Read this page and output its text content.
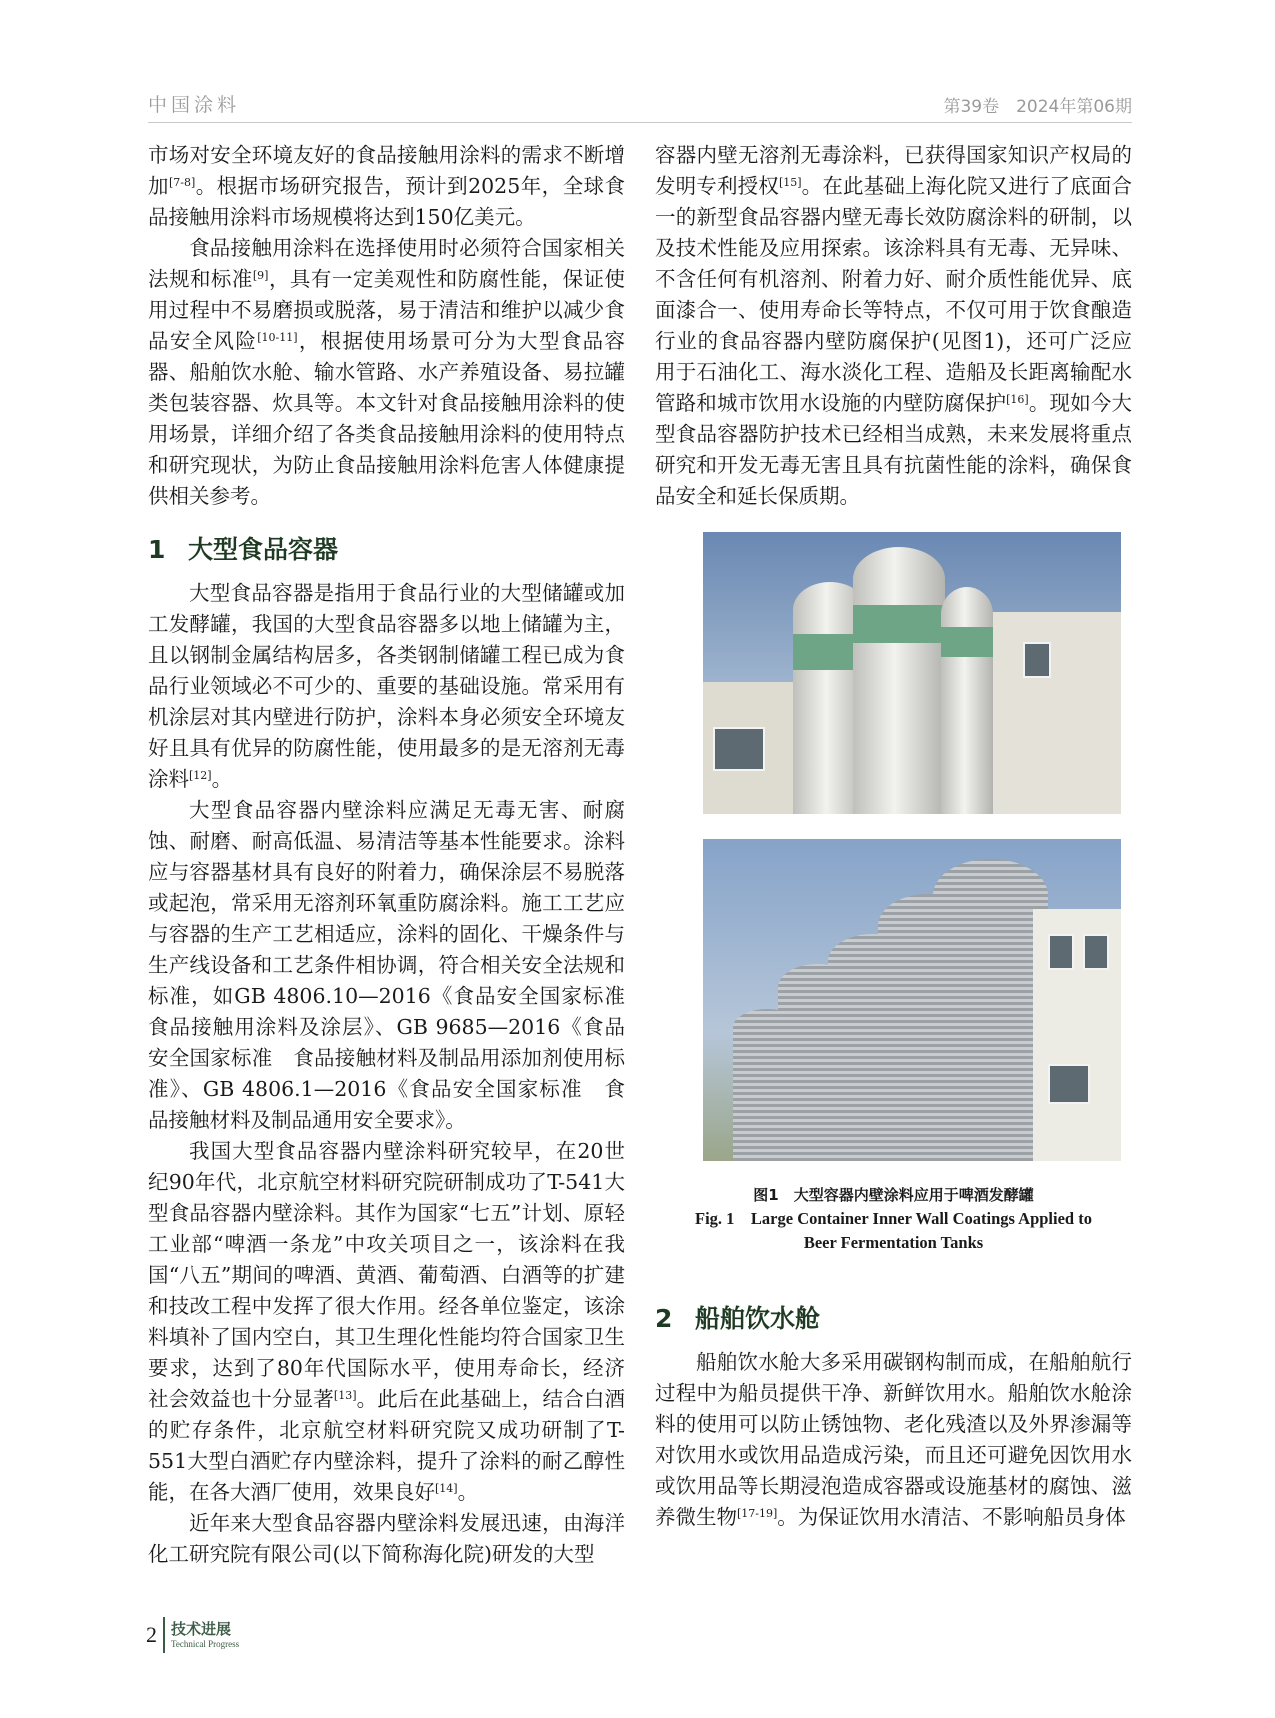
中国涂料	第39卷　2024年第06期

市场对安全环境友好的食品接触用涂料的需求不断增加[7-8]。根据市场研究报告，预计到2025年，全球食品接触用涂料市场规模将达到150亿美元。

食品接触用涂料在选择使用时必须符合国家相关法规和标准[9]，具有一定美观性和防腐性能，保证使用过程中不易磨损或脱落，易于清洁和维护以减少食品安全风险[10-11]，根据使用场景可分为大型食品容器、船舶饮水舱、输水管路、水产养殖设备、易拉罐类包装容器、炊具等。本文针对食品接触用涂料的使用场景，详细介绍了各类食品接触用涂料的使用特点和研究现状，为防止食品接触用涂料危害人体健康提供相关参考。

1 大型食品容器

大型食品容器是指用于食品行业的大型储罐或加工发酵罐，我国的大型食品容器多以地上储罐为主，且以钢制金属结构居多，各类钢制储罐工程已成为食品行业领域必不可少的、重要的基础设施。常采用有机涂层对其内壁进行防护，涂料本身必须安全环境友好且具有优异的防腐性能，使用最多的是无溶剂无毒涂料[12]。

大型食品容器内壁涂料应满足无毒无害、耐腐蚀、耐磨、耐高低温、易清洁等基本性能要求。涂料应与容器基材具有良好的附着力，确保涂层不易脱落或起泡，常采用无溶剂环氧重防腐涂料。施工工艺应与容器的生产工艺相适应，涂料的固化、干燥条件与生产线设备和工艺条件相协调，符合相关安全法规和标准，如GB 4806.10—2016《食品安全国家标准　食品接触用涂料及涂层》、GB 9685—2016《食品安全国家标准　食品接触材料及制品用添加剂使用标准》、GB 4806.1—2016《食品安全国家标准　食品接触材料及制品通用安全要求》。

我国大型食品容器内壁涂料研究较早，在20世纪90年代，北京航空材料研究院研制成功了T-541大型食品容器内壁涂料。其作为国家“七五”计划、原轻工业部“啤酒一条龙”中攻关项目之一，该涂料在我国“八五”期间的啤酒、黄酒、葡萄酒、白酒等的扩建和技改工程中发挥了很大作用。经各单位鉴定，该涂料填补了国内空白，其卫生理化性能均符合国家卫生要求，达到了80年代国际水平，使用寿命长，经济社会效益也十分显著[13]。此后在此基础上，结合白酒的贮存条件，北京航空材料研究院又成功研制了T-551大型白酒贮存内壁涂料，提升了涂料的耐乙醇性能，在各大酒厂使用，效果良好[14]。

近年来大型食品容器内壁涂料发展迅速，由海洋化工研究院有限公司(以下简称海化院)研发的大型

容器内壁无溶剂无毒涂料，已获得国家知识产权局的发明专利授权[15]。在此基础上海化院又进行了底面合一的新型食品容器内壁无毒长效防腐涂料的研制，以及技术性能及应用探索。该涂料具有无毒、无异味、不含任何有机溶剂、附着力好、耐介质性能优异、底面漆合一、使用寿命长等特点，不仅可用于饮食酿造行业的食品容器内壁防腐保护(见图1)，还可广泛应用于石油化工、海水淡化工程、造船及长距离输配水管路和城市饮用水设施的内壁防腐保护[16]。现如今大型食品容器防护技术已经相当成熟，未来发展将重点研究和开发无毒无害且具有抗菌性能的涂料，确保食品安全和延长保质期。

图1　大型容器内壁涂料应用于啤酒发酵罐
Fig. 1　Large Container Inner Wall Coatings Applied to
Beer Fermentation Tanks
2 船舶饮水舱

船舶饮水舱大多采用碳钢构制而成，在船舶航行过程中为船员提供干净、新鲜饮用水。船舶饮水舱涂料的使用可以防止锈蚀物、老化残渣以及外界渗漏等对饮用水或饮用品造成污染，而且还可避免因饮用水或饮用品等长期浸泡造成容器或设施基材的腐蚀、滋养微生物[17-19]。为保证饮用水清洁、不影响船员身体

2 技术进展
Technical Progress
